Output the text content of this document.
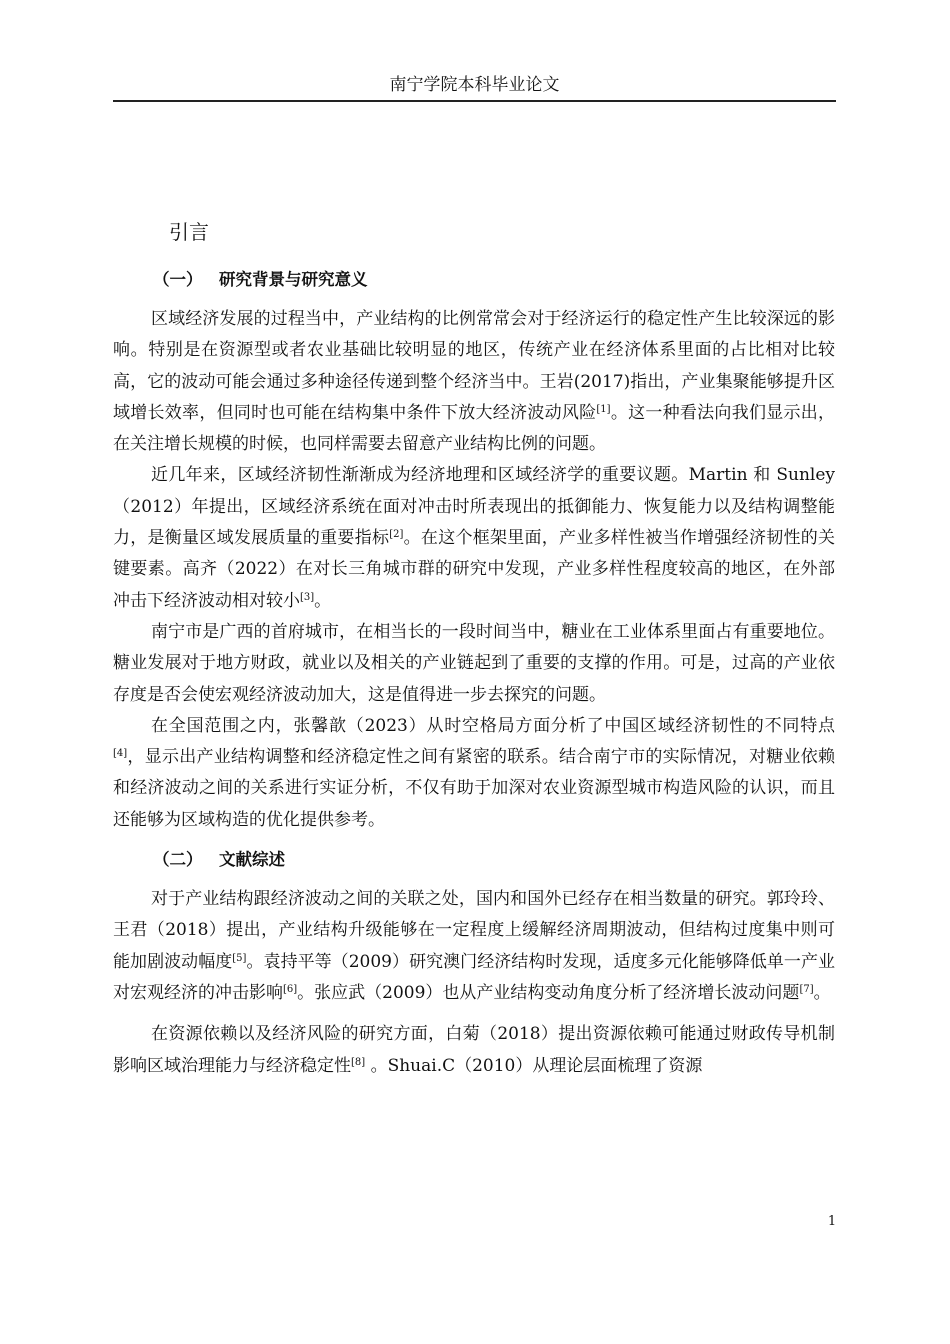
南宁学院本科毕业论文
引言
（一） 研究背景与研究意义

区域经济发展的过程当中，产业结构的比例常常会对于经济运行的稳定性产生比较深远的影响。特别是在资源型或者农业基础比较明显的地区，传统产业在经济体系里面的占比相对比较高，它的波动可能会通过多种途径传递到整个经济当中。王岩(2017)指出，产业集聚能够提升区域增长效率，但同时也可能在结构集中条件下放大经济波动风险[1]。这一种看法向我们显示出，在关注增长规模的时候，也同样需要去留意产业结构比例的问题。

近几年来，区域经济韧性渐渐成为经济地理和区域经济学的重要议题。Martin 和 Sunley（2012）年提出，区域经济系统在面对冲击时所表现出的抵御能力、恢复能力以及结构调整能力，是衡量区域发展质量的重要指标[2]。在这个框架里面，产业多样性被当作增强经济韧性的关键要素。高齐（2022）在对长三角城市群的研究中发现，产业多样性程度较高的地区，在外部冲击下经济波动相对较小[3]。

南宁市是广西的首府城市，在相当长的一段时间当中，糖业在工业体系里面占有重要地位。糖业发展对于地方财政，就业以及相关的产业链起到了重要的支撑的作用。可是，过高的产业依存度是否会使宏观经济波动加大，这是值得进一步去探究的问题。

在全国范围之内，张馨歆（2023）从时空格局方面分析了中国区域经济韧性的不同特点[4]，显示出产业结构调整和经济稳定性之间有紧密的联系。结合南宁市的实际情况，对糖业依赖和经济波动之间的关系进行实证分析，不仅有助于加深对农业资源型城市构造风险的认识，而且还能够为区域构造的优化提供参考。

（二） 文献综述

对于产业结构跟经济波动之间的关联之处，国内和国外已经存在相当数量的研究。郭玲玲、王君（2018）提出，产业结构升级能够在一定程度上缓解经济周期波动，但结构过度集中则可能加剧波动幅度[5]。袁持平等（2009）研究澳门经济结构时发现，适度多元化能够降低单一产业对宏观经济的冲击影响[6]。张应武（2009）也从产业结构变动角度分析了经济增长波动问题[7]。

在资源依赖以及经济风险的研究方面，白菊（2018）提出资源依赖可能通过财政传导机制影响区域治理能力与经济稳定性[8] 。Shuai.C（2010）从理论层面梳理了资源

1
